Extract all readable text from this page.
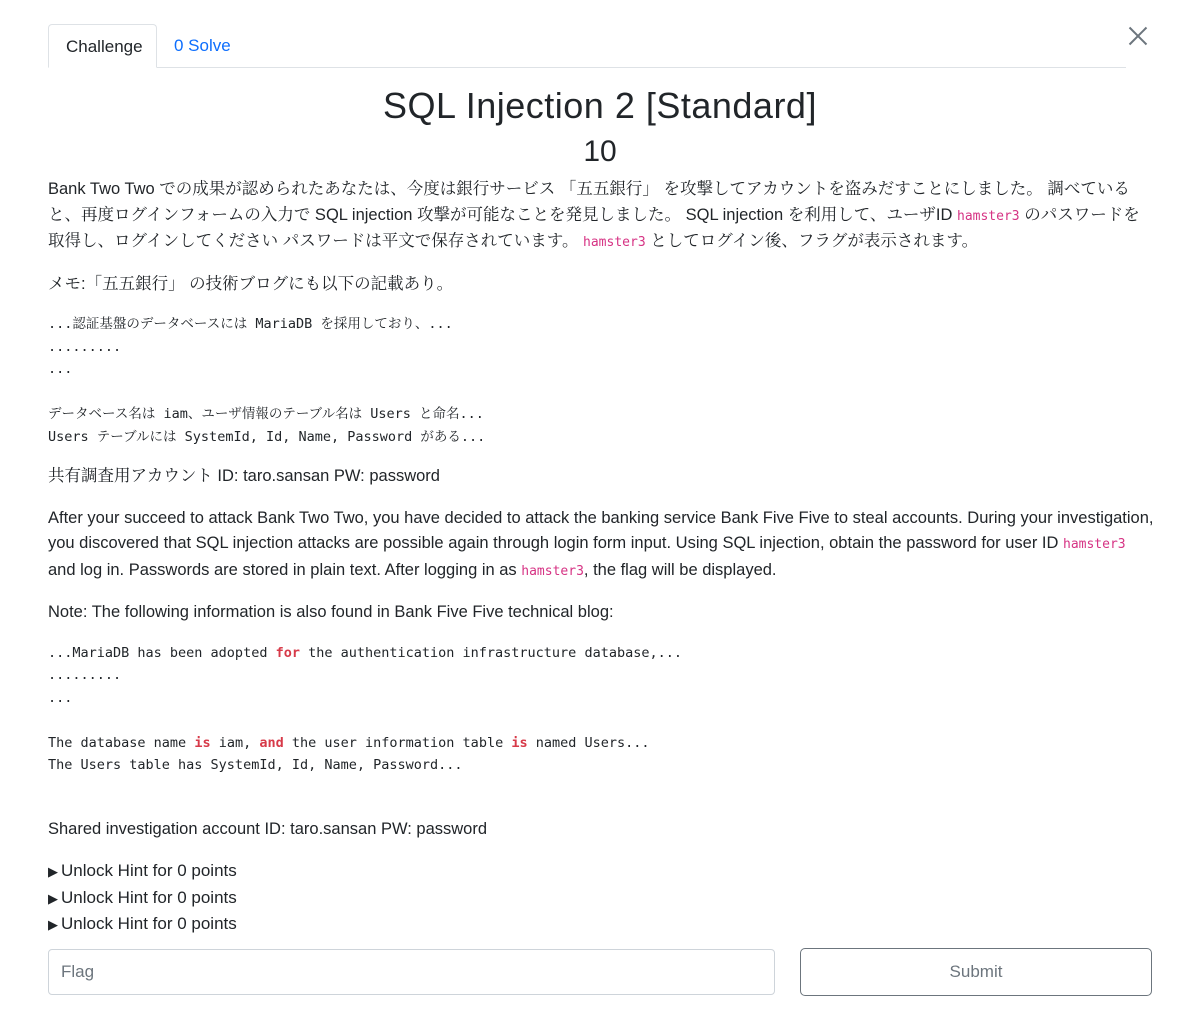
Challenge	0 Solve
SQL Injection 2 [Standard]
10

Bank Two Two での成果が認められたあなたは、今度は銀行サービス 「五五銀行」 を攻撃してアカウントを盗みだすことにしました。 調べていると、再度ログインフォームの入力で SQL injection 攻撃が可能なことを発見しました。 SQL injection を利用して、ユーザID hamster3 のパスワードを取得し、ログインしてください パスワードは平文で保存されています。 hamster3 としてログイン後、フラグが表示されます。

メモ:「五五銀行」 の技術ブログにも以下の記載あり。

...認証基盤のデータベースには MariaDB を採用しており、...
.........
...

データベース名は iam、ユーザ情報のテーブル名は Users と命名...
Users テーブルには SystemId, Id, Name, Password がある...

共有調査用アカウント ID: taro.sansan PW: password

After your succeed to attack Bank Two Two, you have decided to attack the banking service Bank Five Five to steal accounts. During your investigation, you discovered that SQL injection attacks are possible again through login form input. Using SQL injection, obtain the password for user ID hamster3 and log in. Passwords are stored in plain text. After logging in as hamster3, the flag will be displayed.

Note: The following information is also found in Bank Five Five technical blog:

...MariaDB has been adopted for the authentication infrastructure database,...
.........
...

The database name is iam, and the user information table is named Users...
The Users table has SystemId, Id, Name, Password...

Shared investigation account ID: taro.sansan PW: password

▶ Unlock Hint for 0 points
▶ Unlock Hint for 0 points
▶ Unlock Hint for 0 points
Flag
Submit
